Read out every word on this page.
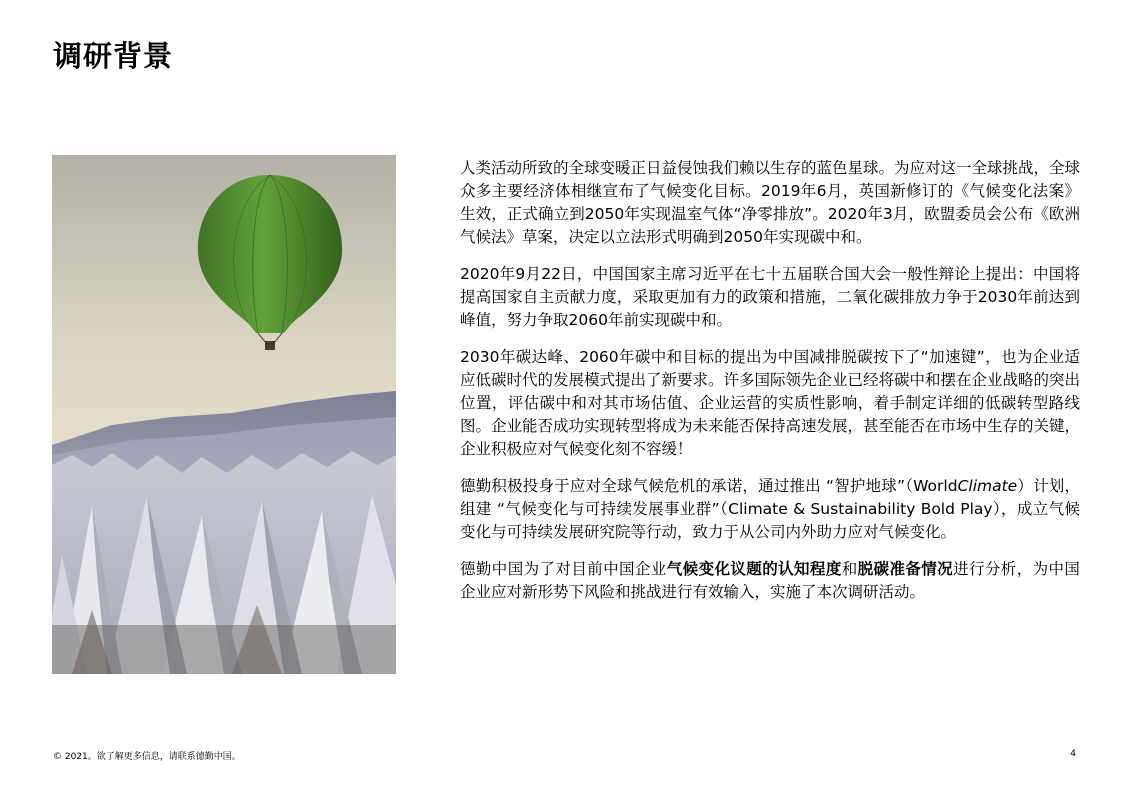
调研背景

人类活动所致的全球变暖正日益侵蚀我们赖以生存的蓝色星球。为应对这一全球挑战，全球众多主要经济体相继宣布了气候变化目标。2019年6月，英国新修订的《气候变化法案》生效，正式确立到2050年实现温室气体“净零排放”。2020年3月，欧盟委员会公布《欧洲气候法》草案，决定以立法形式明确到2050年实现碳中和。

2020年9月22日，中国国家主席习近平在七十五届联合国大会一般性辩论上提出：中国将提高国家自主贡献力度，采取更加有力的政策和措施，二氧化碳排放力争于2030年前达到峰值，努力争取2060年前实现碳中和。

2030年碳达峰、2060年碳中和目标的提出为中国减排脱碳按下了“加速键”，也为企业适应低碳时代的发展模式提出了新要求。许多国际领先企业已经将碳中和摆在企业战略的突出位置，评估碳中和对其市场估值、企业运营的实质性影响，着手制定详细的低碳转型路线图。企业能否成功实现转型将成为未来能否保持高速发展，甚至能否在市场中生存的关键，企业积极应对气候变化刻不容缓！

德勤积极投身于应对全球气候危机的承诺，通过推出 “智护地球”（WorldClimate）计划，组建 “气候变化与可持续发展事业群”（Climate & Sustainability Bold Play），成立气候变化与可持续发展研究院等行动，致力于从公司内外助力应对气候变化。

德勤中国为了对目前中国企业气候变化议题的认知程度和脱碳准备情况进行分析，为中国企业应对新形势下风险和挑战进行有效输入，实施了本次调研活动。

© 2021。欲了解更多信息，请联系德勤中国。	4
